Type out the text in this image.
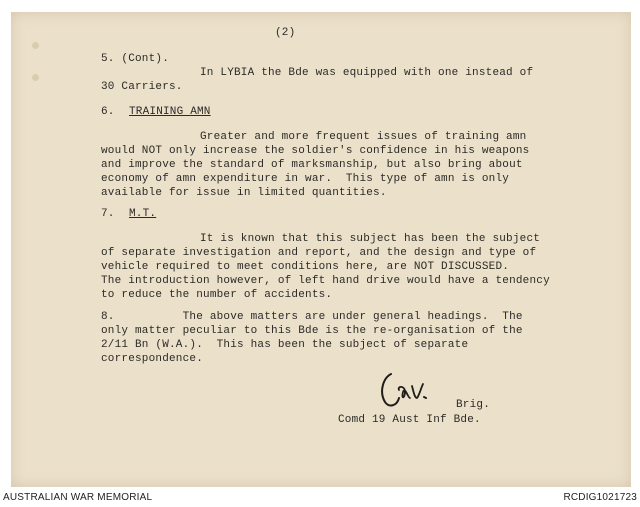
(2)

5. (Cont).

In LYBIA the Bde was equipped with one instead of

30 Carriers.

6. TRAINING AMN

Greater and more frequent issues of training amn

would NOT only increase the soldier's confidence in his weapons

and improve the standard of marksmanship, but also bring about

economy of amn expenditure in war.  This type of amn is only

available for issue in limited quantities.

7. M.T.

It is known that this subject has been the subject

of separate investigation and report, and the design and type of

vehicle required to meet conditions here, are NOT DISCUSSED.

The introduction however, of left hand drive would have a tendency

to reduce the number of accidents.

8.          The above matters are under general headings.  The

only matter peculiar to this Bde is the re-organisation of the

2/11 Bn (W.A.).  This has been the subject of separate

correspondence.

Brig.

Comd 19 Aust Inf Bde.

AUSTRALIAN WAR MEMORIAL	RCDIG1021723
